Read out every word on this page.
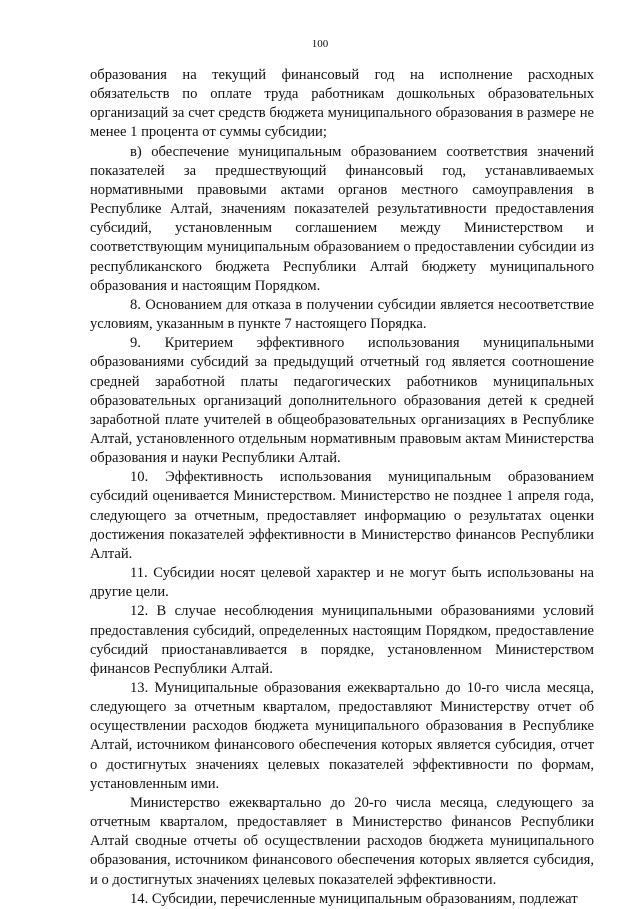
100

образования на текущий финансовый год на исполнение расходных обязательств по оплате труда работникам дошкольных образовательных организаций за счет средств бюджета муниципального образования в размере не менее 1 процента от суммы субсидии;

в) обеспечение муниципальным образованием соответствия значений показателей за предшествующий финансовый год, устанавливаемых нормативными правовыми актами органов местного самоуправления в Республике Алтай, значениям показателей результативности предоставления субсидий, установленным соглашением между Министерством и соответствующим муниципальным образованием о предоставлении субсидии из республиканского бюджета Республики Алтай бюджету муниципального образования и настоящим Порядком.

8. Основанием для отказа в получении субсидии является несоответствие условиям, указанным в пункте 7 настоящего Порядка.

9. Критерием эффективного использования муниципальными образованиями субсидий за предыдущий отчетный год является соотношение средней заработной платы педагогических работников муниципальных образовательных организаций дополнительного образования детей к средней заработной плате учителей в общеобразовательных организациях в Республике Алтай, установленного отдельным нормативным правовым актам Министерства образования и науки Республики Алтай.

10. Эффективность использования муниципальным образованием субсидий оценивается Министерством. Министерство не позднее 1 апреля года, следующего за отчетным, предоставляет информацию о результатах оценки достижения показателей эффективности в Министерство финансов Республики Алтай.

11. Субсидии носят целевой характер и не могут быть использованы на другие цели.

12. В случае несоблюдения муниципальными образованиями условий предоставления субсидий, определенных настоящим Порядком, предоставление субсидий приостанавливается в порядке, установленном Министерством финансов Республики Алтай.

13. Муниципальные образования ежеквартально до 10-го числа месяца, следующего за отчетным кварталом, предоставляют Министерству отчет об осуществлении расходов бюджета муниципального образования в Республике Алтай, источником финансового обеспечения которых является субсидия, отчет о достигнутых значениях целевых показателей эффективности по формам, установленным ими.

Министерство ежеквартально до 20-го числа месяца, следующего за отчетным кварталом, предоставляет в Министерство финансов Республики Алтай сводные отчеты об осуществлении расходов бюджета муниципального образования, источником финансового обеспечения которых является субсидия, и о достигнутых значениях целевых показателей эффективности.

14. Субсидии, перечисленные муниципальным образованиям, подлежат
